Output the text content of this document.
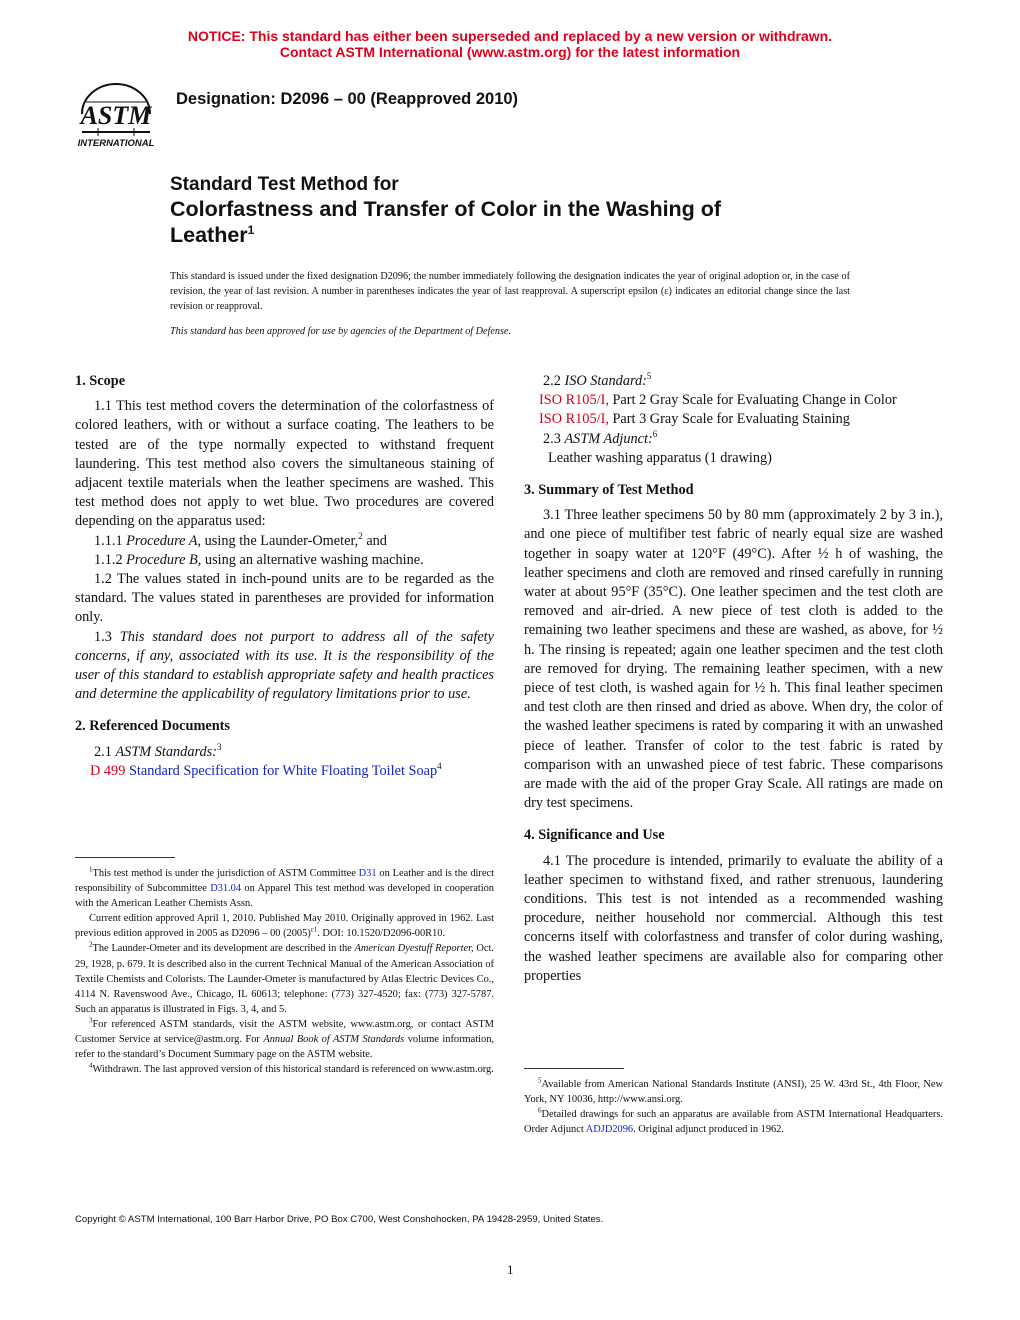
NOTICE: This standard has either been superseded and replaced by a new version or withdrawn.
Contact ASTM International (www.astm.org) for the latest information
ASTM
INTERNATIONAL
Designation: D2096 – 00 (Reapproved 2010)
Standard Test Method for
Colorfastness and Transfer of Color in the Washing of
Leather$^1$
This standard is issued under the fixed designation D2096; the number immediately following the designation indicates the year of original adoption or, in the case of revision, the year of last revision. A number in parentheses indicates the year of last reapproval. A superscript epsilon (ε) indicates an editorial change since the last revision or reapproval.
This standard has been approved for use by agencies of the Department of Defense.
1. Scope

1.1 This test method covers the determination of the colorfastness of colored leathers, with or without a surface coating. The leathers to be tested are of the type normally expected to withstand frequent laundering. This test method also covers the simultaneous staining of adjacent textile materials when the leather specimens are washed. This test method does not apply to wet blue. Two procedures are covered depending on the apparatus used:

1.1.1 Procedure A, using the Launder-Ometer,$^2$ and

1.1.2 Procedure B, using an alternative washing machine.

1.2 The values stated in inch-pound units are to be regarded as the standard. The values stated in parentheses are provided for information only.

1.3 This standard does not purport to address all of the safety concerns, if any, associated with its use. It is the responsibility of the user of this standard to establish appropriate safety and health practices and determine the applicability of regulatory limitations prior to use.

2. Referenced Documents

2.1 ASTM Standards:$^3$

D 499 Standard Specification for White Floating Toilet Soap$^4$

$^1$This test method is under the jurisdiction of ASTM Committee D31 on Leather and is the direct responsibility of Subcommittee D31.04 on Apparel This test method was developed in cooperation with the American Leather Chemists Assn.

Current edition approved April 1, 2010. Published May 2010. Originally approved in 1962. Last previous edition approved in 2005 as D2096 – 00 $(2005)^{\varepsilon 1}$. DOI: 10.1520/D2096-00R10.

$^2$The Launder-Ometer and its development are described in the American Dyestuff Reporter, Oct. 29, 1928, p. 679. It is described also in the current Technical Manual of the American Association of Textile Chemists and Colorists. The Launder-Ometer is manufactured by Atlas Electric Devices Co., 4114 N. Ravenswood Ave., Chicago, IL 60613; telephone: (773) 327-4520; fax: (773) 327-5787. Such an apparatus is illustrated in Figs. 3, 4, and 5.

$^3$For referenced ASTM standards, visit the ASTM website, www.astm.org, or contact ASTM Customer Service at service@astm.org. For Annual Book of ASTM Standards volume information, refer to the standard’s Document Summary page on the ASTM website.

$^4$Withdrawn. The last approved version of this historical standard is referenced on www.astm.org.

2.2 ISO Standard:$^5$

ISO R105/I, Part 2 Gray Scale for Evaluating Change in Color

ISO R105/I, Part 3 Gray Scale for Evaluating Staining

2.3 ASTM Adjunct:$^6$

Leather washing apparatus (1 drawing)

3. Summary of Test Method

3.1 Three leather specimens 50 by 80 mm (approximately 2 by 3 in.), and one piece of multifiber test fabric of nearly equal size are washed together in soapy water at 120°F (49°C). After ½ h of washing, the leather specimens and cloth are removed and rinsed carefully in running water at about 95°F (35°C). One leather specimen and the test cloth are removed and air-dried. A new piece of test cloth is added to the remaining two leather specimens and these are washed, as above, for ½ h. The rinsing is repeated; again one leather specimen and the test cloth are removed for drying. The remaining leather specimen, with a new piece of test cloth, is washed again for ½ h. This final leather specimen and test cloth are then rinsed and dried as above. When dry, the color of the washed leather specimens is rated by comparing it with an unwashed piece of leather. Transfer of color to the test fabric is rated by comparison with an unwashed piece of test fabric. These comparisons are made with the aid of the proper Gray Scale. All ratings are made on dry test specimens.

4. Significance and Use

4.1 The procedure is intended, primarily to evaluate the ability of a leather specimen to withstand fixed, and rather strenuous, laundering conditions. This test is not intended as a recommended washing procedure, neither household nor commercial. Although this test concerns itself with colorfastness and transfer of color during washing, the washed leather specimens are available also for comparing other properties

$^5$Available from American National Standards Institute (ANSI), 25 W. 43rd St., 4th Floor, New York, NY 10036, http://www.ansi.org.

$^6$Detailed drawings for such an apparatus are available from ASTM International Headquarters. Order Adjunct ADJD2096. Original adjunct produced in 1962.

Copyright © ASTM International, 100 Barr Harbor Drive, PO Box C700, West Conshohocken, PA 19428-2959, United States.
1
